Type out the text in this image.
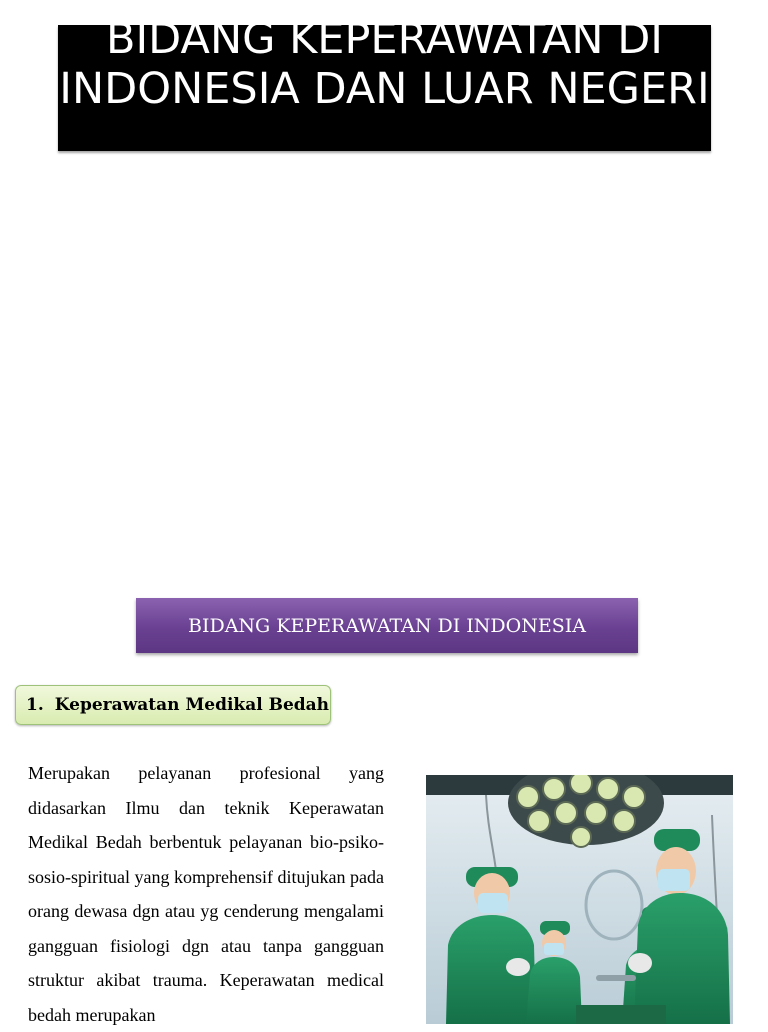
BIDANG KEPERAWATAN DI INDONESIA DAN LUAR NEGERI
BIDANG KEPERAWATAN DI INDONESIA
1. Keperawatan Medikal Bedah
Merupakan pelayanan profesional yang didasarkan Ilmu dan teknik Keperawatan Medikal Bedah berbentuk pelayanan bio-psiko-sosio-spiritual yang komprehensif ditujukan pada orang dewasa dgn atau yg cenderung mengalami gangguan fisiologi dgn atau tanpa gangguan struktur akibat trauma. Keperawatan medical bedah merupakan
